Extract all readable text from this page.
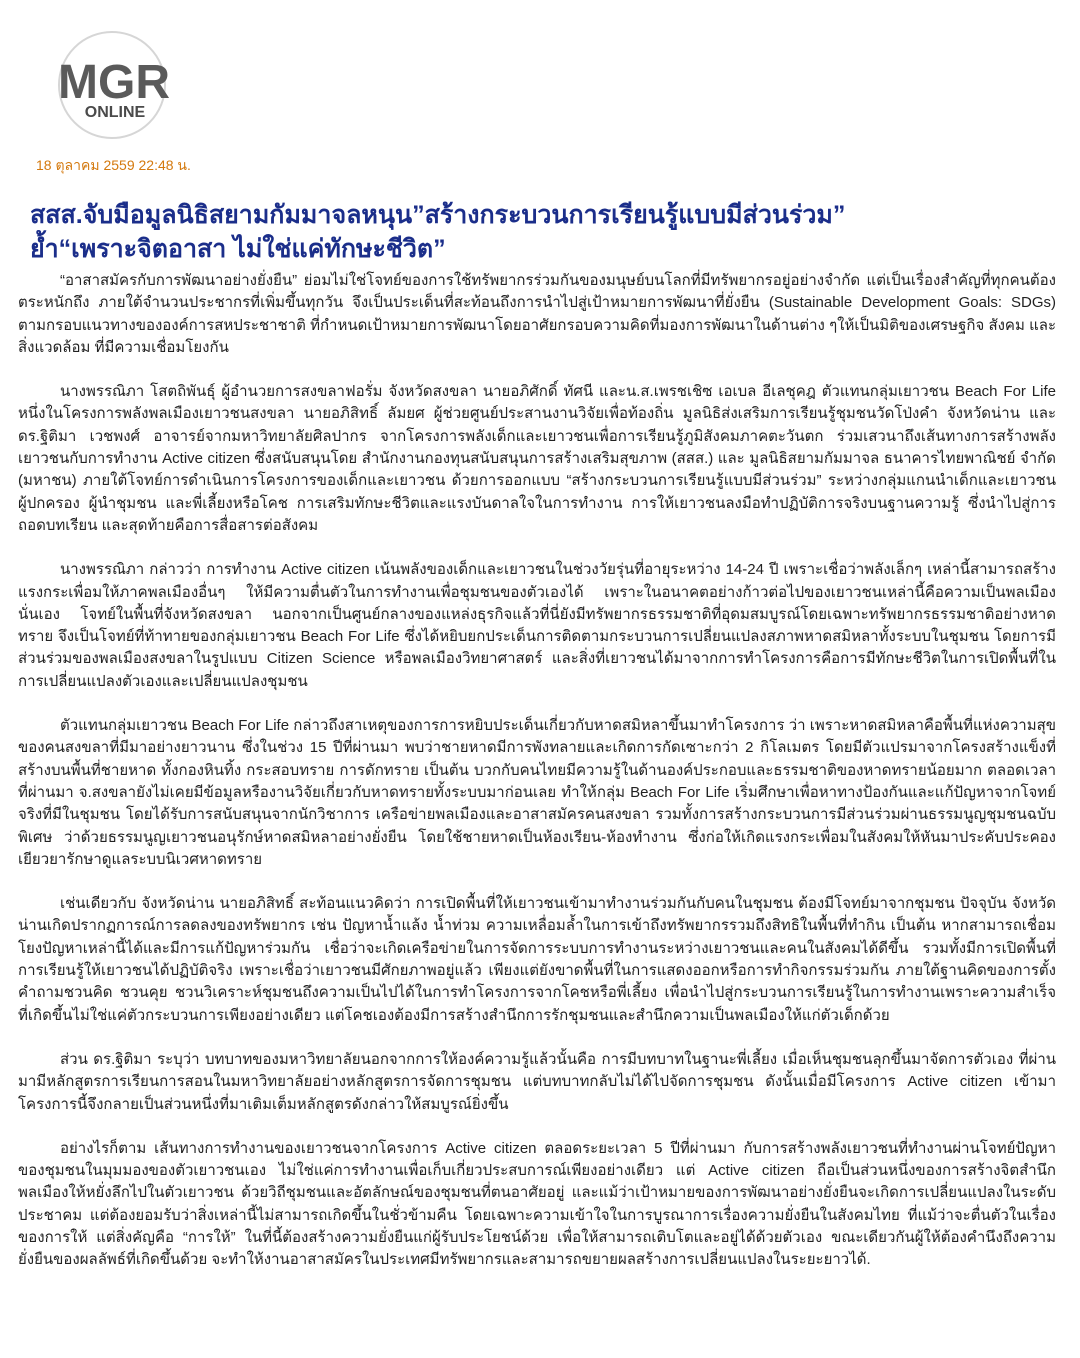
MGR
ONLINE
18 ตุลาคม 2559 22:48 น.
สสส.จับมือมูลนิธิสยามกัมมาจลหนุน”สร้างกระบวนการเรียนรู้แบบมีส่วนร่วม”
ย้ำ“เพราะจิตอาสา ไม่ใช่แค่ทักษะชีวิต”

“อาสาสมัครกับการพัฒนาอย่างยั่งยืน” ย่อมไม่ใช่โจทย์ของการใช้ทรัพยากรร่วมกันของมนุษย์บนโลกที่มีทรัพยากรอยู่อย่างจำกัด แต่เป็นเรื่องสำคัญที่ทุกคนต้องตระหนักถึง ภายใต้จำนวนประชากรที่เพิ่มขึ้นทุกวัน จึงเป็นประเด็นที่สะท้อนถึงการนำไปสู่เป้าหมายการพัฒนาที่ยั่งยืน (Sustainable Development Goals: SDGs) ตามกรอบแนวทางขององค์การสหประชาชาติ ที่กำหนดเป้าหมายการพัฒนาโดยอาศัยกรอบความคิดที่มองการพัฒนาในด้านต่าง ๆให้เป็นมิติของเศรษฐกิจ สังคม และสิ่งแวดล้อม ที่มีความเชื่อมโยงกัน

นางพรรณิภา โสตถิพันธุ์ ผู้อำนวยการสงขลาฟอรั่ม จังหวัดสงขลา นายอภิศักดิ์ ทัศนี และน.ส.เพรชเชิซ เอเบล อีเลชุคฎ ตัวแทนกลุ่มเยาวชน Beach For Life หนึ่งในโครงการพลังพลเมืองเยาวชนสงขลา นายอภิสิทธิ์ ลัมยศ ผู้ช่วยศูนย์ประสานงานวิจัยเพื่อท้องถิ่น มูลนิธิส่งเสริมการเรียนรู้ชุมชนวัดโป่งคำ จังหวัดน่าน และ ดร.ฐิติมา เวชพงศ์ อาจารย์จากมหาวิทยาลัยศิลปากร จากโครงการพลังเด็กและเยาวชนเพื่อการเรียนรู้ภูมิสังคมภาคตะวันตก ร่วมเสวนาถึงเส้นทางการสร้างพลังเยาวชนกับการทำงาน Active citizen ซึ่งสนับสนุนโดย สำนักงานกองทุนสนับสนุนการสร้างเสริมสุขภาพ (สสส.) และ มูลนิธิสยามกัมมาจล ธนาคารไทยพาณิชย์ จำกัด (มหาชน) ภายใต้โจทย์การดำเนินการโครงการของเด็กและเยาวชน ด้วยการออกแบบ “สร้างกระบวนการเรียนรู้แบบมีส่วนร่วม” ระหว่างกลุ่มแกนนำเด็กและเยาวชน ผู้ปกครอง ผู้นำชุมชน และพี่เลี้ยงหรือโคช การเสริมทักษะชีวิตและแรงบันดาลใจในการทำงาน การให้เยาวชนลงมือทำปฏิบัติการจริงบนฐานความรู้ ซึ่งนำไปสู่การถอดบทเรียน และสุดท้ายคือการสื่อสารต่อสังคม

นางพรรณิภา กล่าวว่า การทำงาน Active citizen เน้นพลังของเด็กและเยาวชนในช่วงวัยรุ่นที่อายุระหว่าง 14-24 ปี เพราะเชื่อว่าพลังเล็กๆ เหล่านี้สามารถสร้างแรงกระเพื่อมให้ภาคพลเมืองอื่นๆ ให้มีความตื่นตัวในการทำงานเพื่อชุมชนของตัวเองได้ เพราะในอนาคตอย่างก้าวต่อไปของเยาวชนเหล่านี้คือความเป็นพลเมืองนั่นเอง โจทย์ในพื้นที่จังหวัดสงขลา นอกจากเป็นศูนย์กลางของแหล่งธุรกิจแล้วที่นี่ยังมีทรัพยากรธรรมชาติที่อุดมสมบูรณ์โดยเฉพาะทรัพยากรธรรมชาติอย่างหาดทราย จึงเป็นโจทย์ที่ท้าทายของกลุ่มเยาวชน Beach For Life ซึ่งได้หยิบยกประเด็นการติดตามกระบวนการเปลี่ยนแปลงสภาพหาดสมิหลาทั้งระบบในชุมชน โดยการมีส่วนร่วมของพลเมืองสงขลาในรูปแบบ Citizen Science หรือพลเมืองวิทยาศาสตร์ และสิ่งที่เยาวชนได้มาจากการทำโครงการคือการมีทักษะชีวิตในการเปิดพื้นที่ในการเปลี่ยนแปลงตัวเองและเปลี่ยนแปลงชุมชน

ตัวแทนกลุ่มเยาวชน Beach For Life กล่าวถึงสาเหตุของการการหยิบประเด็นเกี่ยวกับหาดสมิหลาขึ้นมาทำโครงการ ว่า เพราะหาดสมิหลาคือพื้นที่แห่งความสุขของคนสงขลาที่มีมาอย่างยาวนาน ซึ่งในช่วง 15 ปีที่ผ่านมา พบว่าชายหาดมีการพังทลายและเกิดการกัดเซาะกว่า 2 กิโลเมตร โดยมีตัวแปรมาจากโครงสร้างแข็งที่สร้างบนพื้นที่ชายหาด ทั้งกองหินทิ้ง กระสอบทราย การดักทราย เป็นต้น บวกกับคนไทยมีความรู้ในด้านองค์ประกอบและธรรมชาติของหาดทรายน้อยมาก ตลอดเวลาที่ผ่านมา จ.สงขลายังไม่เคยมีข้อมูลหรืองานวิจัยเกี่ยวกับหาดทรายทั้งระบบมาก่อนเลย ทำให้กลุ่ม Beach For Life เริ่มศึกษาเพื่อหาทางป้องกันและแก้ปัญหาจากโจทย์จริงที่มีในชุมชน โดยได้รับการสนับสนุนจากนักวิชาการ เครือข่ายพลเมืองและอาสาสมัครคนสงขลา รวมทั้งการสร้างกระบวนการมีส่วนร่วมผ่านธรรมนูญชุมชนฉบับพิเศษ ว่าด้วยธรรมนูญเยาวชนอนุรักษ์หาดสมิหลาอย่างยั่งยืน โดยใช้ชายหาดเป็นห้องเรียน-ห้องทำงาน ซึ่งก่อให้เกิดแรงกระเพื่อมในสังคมให้หันมาประคับประคองเยียวยารักษาดูแลระบบนิเวศหาดทราย

เช่นเดียวกับ จังหวัดน่าน นายอภิสิทธิ์ สะท้อนแนวคิดว่า การเปิดพื้นที่ให้เยาวชนเข้ามาทำงานร่วมกันกับคนในชุมชน ต้องมีโจทย์มาจากชุมชน ปัจจุบัน จังหวัดน่านเกิดปรากฏการณ์การลดลงของทรัพยากร เช่น ปัญหาน้ำแล้ง น้ำท่วม ความเหลื่อมล้ำในการเข้าถึงทรัพยากรรวมถึงสิทธิในพื้นที่ทำกิน เป็นต้น หากสามารถเชื่อมโยงปัญหาเหล่านี้ได้และมีการแก้ปัญหาร่วมกัน เชื่อว่าจะเกิดเครือข่ายในการจัดการระบบการทำงานระหว่างเยาวชนและคนในสังคมได้ดีขึ้น รวมทั้งมีการเปิดพื้นที่การเรียนรู้ให้เยาวชนได้ปฏิบัติจริง เพราะเชื่อว่าเยาวชนมีศักยภาพอยู่แล้ว เพียงแต่ยังขาดพื้นที่ในการแสดงออกหรือการทำกิจกรรมร่วมกัน ภายใต้ฐานคิดของการตั้งคำถามชวนคิด ชวนคุย ชวนวิเคราะห์ชุมชนถึงความเป็นไปได้ในการทำโครงการจากโคชหรือพี่เลี้ยง เพื่อนำไปสู่กระบวนการเรียนรู้ในการทำงานเพราะความสำเร็จที่เกิดขึ้นไม่ใช่แค่ตัวกระบวนการเพียงอย่างเดียว แต่โคชเองต้องมีการสร้างสำนึกการรักชุมชนและสำนึกความเป็นพลเมืองให้แก่ตัวเด็กด้วย

ส่วน ดร.ฐิติมา ระบุว่า บทบาทของมหาวิทยาลัยนอกจากการให้องค์ความรู้แล้วนั้นคือ การมีบทบาทในฐานะพี่เลี้ยง เมื่อเห็นชุมชนลุกขึ้นมาจัดการตัวเอง ที่ผ่านมามีหลักสูตรการเรียนการสอนในมหาวิทยาลัยอย่างหลักสูตรการจัดการชุมชน แต่บทบาทกลับไม่ได้ไปจัดการชุมชน ดังนั้นเมื่อมีโครงการ Active citizen เข้ามาโครงการนี้จึงกลายเป็นส่วนหนึ่งที่มาเติมเต็มหลักสูตรดังกล่าวให้สมบูรณ์ยิ่งขึ้น

อย่างไรก็ตาม เส้นทางการทำงานของเยาวชนจากโครงการ Active citizen ตลอดระยะเวลา 5 ปีที่ผ่านมา กับการสร้างพลังเยาวชนที่ทำงานผ่านโจทย์ปัญหาของชุมชนในมุมมองของตัวเยาวชนเอง ไม่ใช่แค่การทำงานเพื่อเก็บเกี่ยวประสบการณ์เพียงอย่างเดียว แต่ Active citizen ถือเป็นส่วนหนึ่งของการสร้างจิตสำนึกพลเมืองให้หยั่งลึกไปในตัวเยาวชน ด้วยวิถีชุมชนและอัตลักษณ์ของชุมชนที่ตนอาศัยอยู่ และแม้ว่าเป้าหมายของการพัฒนาอย่างยั่งยืนจะเกิดการเปลี่ยนแปลงในระดับประชาคม แต่ต้องยอมรับว่าสิ่งเหล่านี้ไม่สามารถเกิดขึ้นในชั่วข้ามคืน โดยเฉพาะความเข้าใจในการบูรณาการเรื่องความยั่งยืนในสังคมไทย ที่แม้ว่าจะตื่นตัวในเรื่องของการให้ แต่สิ่งคัญคือ “การให้” ในที่นี้ต้องสร้างความยั่งยืนแก่ผู้รับประโยชน์ด้วย เพื่อให้สามารถเติบโตและอยู่ได้ด้วยตัวเอง ขณะเดียวกันผู้ให้ต้องคำนึงถึงความยั่งยืนของผลลัพธ์ที่เกิดขึ้นด้วย จะทำให้งานอาสาสมัครในประเทศมีทรัพยากรและสามารถขยายผลสร้างการเปลี่ยนแปลงในระยะยาวได้.
